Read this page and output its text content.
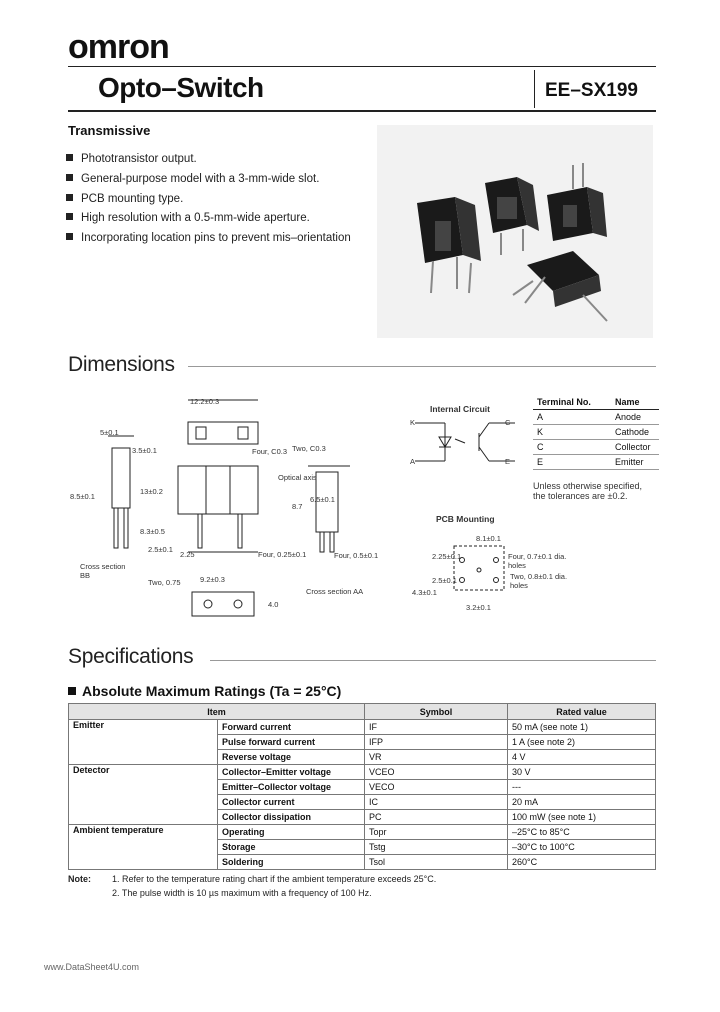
omron
Opto–Switch	EE–SX199
Transmissive
Phototransistor output.
General-purpose model with a 3-mm-wide slot.
PCB mounting type.
High resolution with a 0.5-mm-wide aperture.
Incorporating location pins to prevent mis–orientation
Dimensions
12.2±0.3
5±0.1
3.5±0.1
13±0.2
8.5±0.1
8.3±0.5
2.5±0.1
2.25	Four, 0.25±0.1	Four, 0.5±0.1
6.5±0.1
8.7
Two, C0.3
Four, C0.3
Optical axis
Two, 0.75	9.2±0.3
4.0
Cross section
BB
Cross section AA
Internal Circuit
K
A
C
E
Terminal No.	Name
A	Anode
K	Cathode
C	Collector
E	Emitter
Unless otherwise specified,
the tolerances are ±0.2.
PCB Mounting
8.1±0.1
2.25±0.1
2.5±0.1
4.3±0.1
3.2±0.1
Four, 0.7±0.1 dia. holes
Two, 0.8±0.1 dia. holes
Specifications
Absolute Maximum Ratings (Ta = 25°C)
Item		Symbol	Rated value
Emitter	Forward current	IF	50 mA (see note 1)
	Pulse forward current	IFP	1 A (see note 2)
	Reverse voltage	VR	4 V
Detector	Collector–Emitter voltage	VCEO	30 V
	Emitter–Collector voltage	VECO	---
	Collector current	IC	20 mA
	Collector dissipation	PC	100 mW (see note 1)
Ambient temperature	Operating	Topr	–25°C to 85°C
	Storage	Tstg	–30°C to 100°C
	Soldering	Tsol	260°C
Note: 1. Refer to the temperature rating chart if the ambient temperature exceeds 25°C.
2. The pulse width is 10 µs maximum with a frequency of 100 Hz.
www.DataSheet4U.com
